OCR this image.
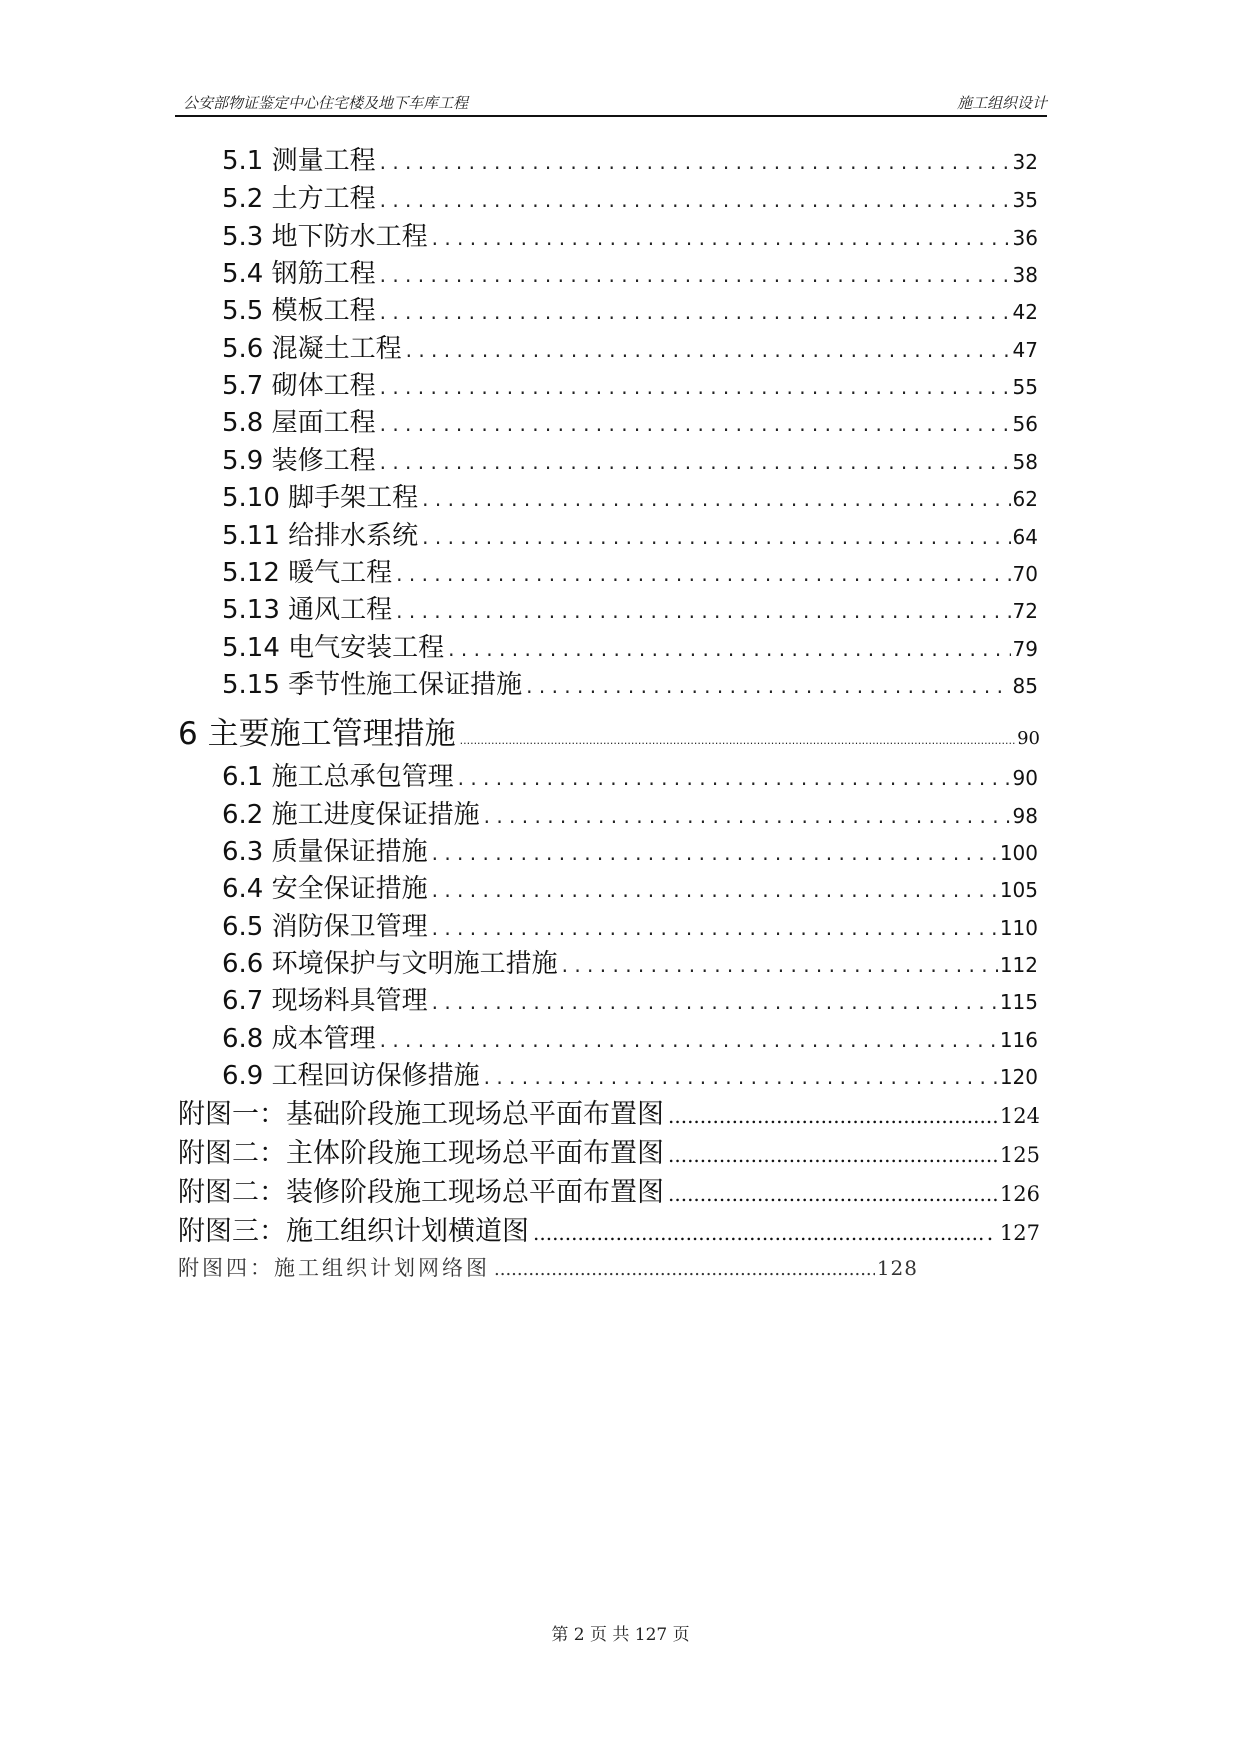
公安部物证鉴定中心住宅楼及地下车库工程	施工组织设计
5.1 测量工程 . . .	32
5.2 土方工程 . . .	35
5.3 地下防水工程 . . .	36
5.4 钢筋工程 . . .	38
5.5 模板工程 . . .	42
5.6 混凝土工程 . . .	47
5.7 砌体工程 . . .	55
5.8 屋面工程 . . .	56
5.9 装修工程 . . .	58
5.10 脚手架工程 . . .	62
5.11 给排水系统 . . .	64
5.12 暖气工程 . . .	70
5.13 通风工程 . . .	72
5.14 电气安装工程 . . .	79
5.15 季节性施工保证措施 . . .	85
6 主要施工管理措施 .....	90
6.1 施工总承包管理 . . .	90
6.2 施工进度保证措施 . . .	98
6.3 质量保证措施 . . .	100
6.4 安全保证措施 . . .	105
6.5 消防保卫管理 . . .	110
6.6 环境保护与文明施工措施 . . .	112
6.7 现场料具管理 . . .	115
6.8 成本管理 . . .	116
6.9 工程回访保修措施 . . .	120
附图一：基础阶段施工现场总平面布置图 .....	124
附图二：主体阶段施工现场总平面布置图 .....	125
附图二：装修阶段施工现场总平面布置图 .....	126
附图三：施工组织计划横道图 .....	. 127
附图四：施工组织计划网络图 .....	128
第 2 页 共 127 页
